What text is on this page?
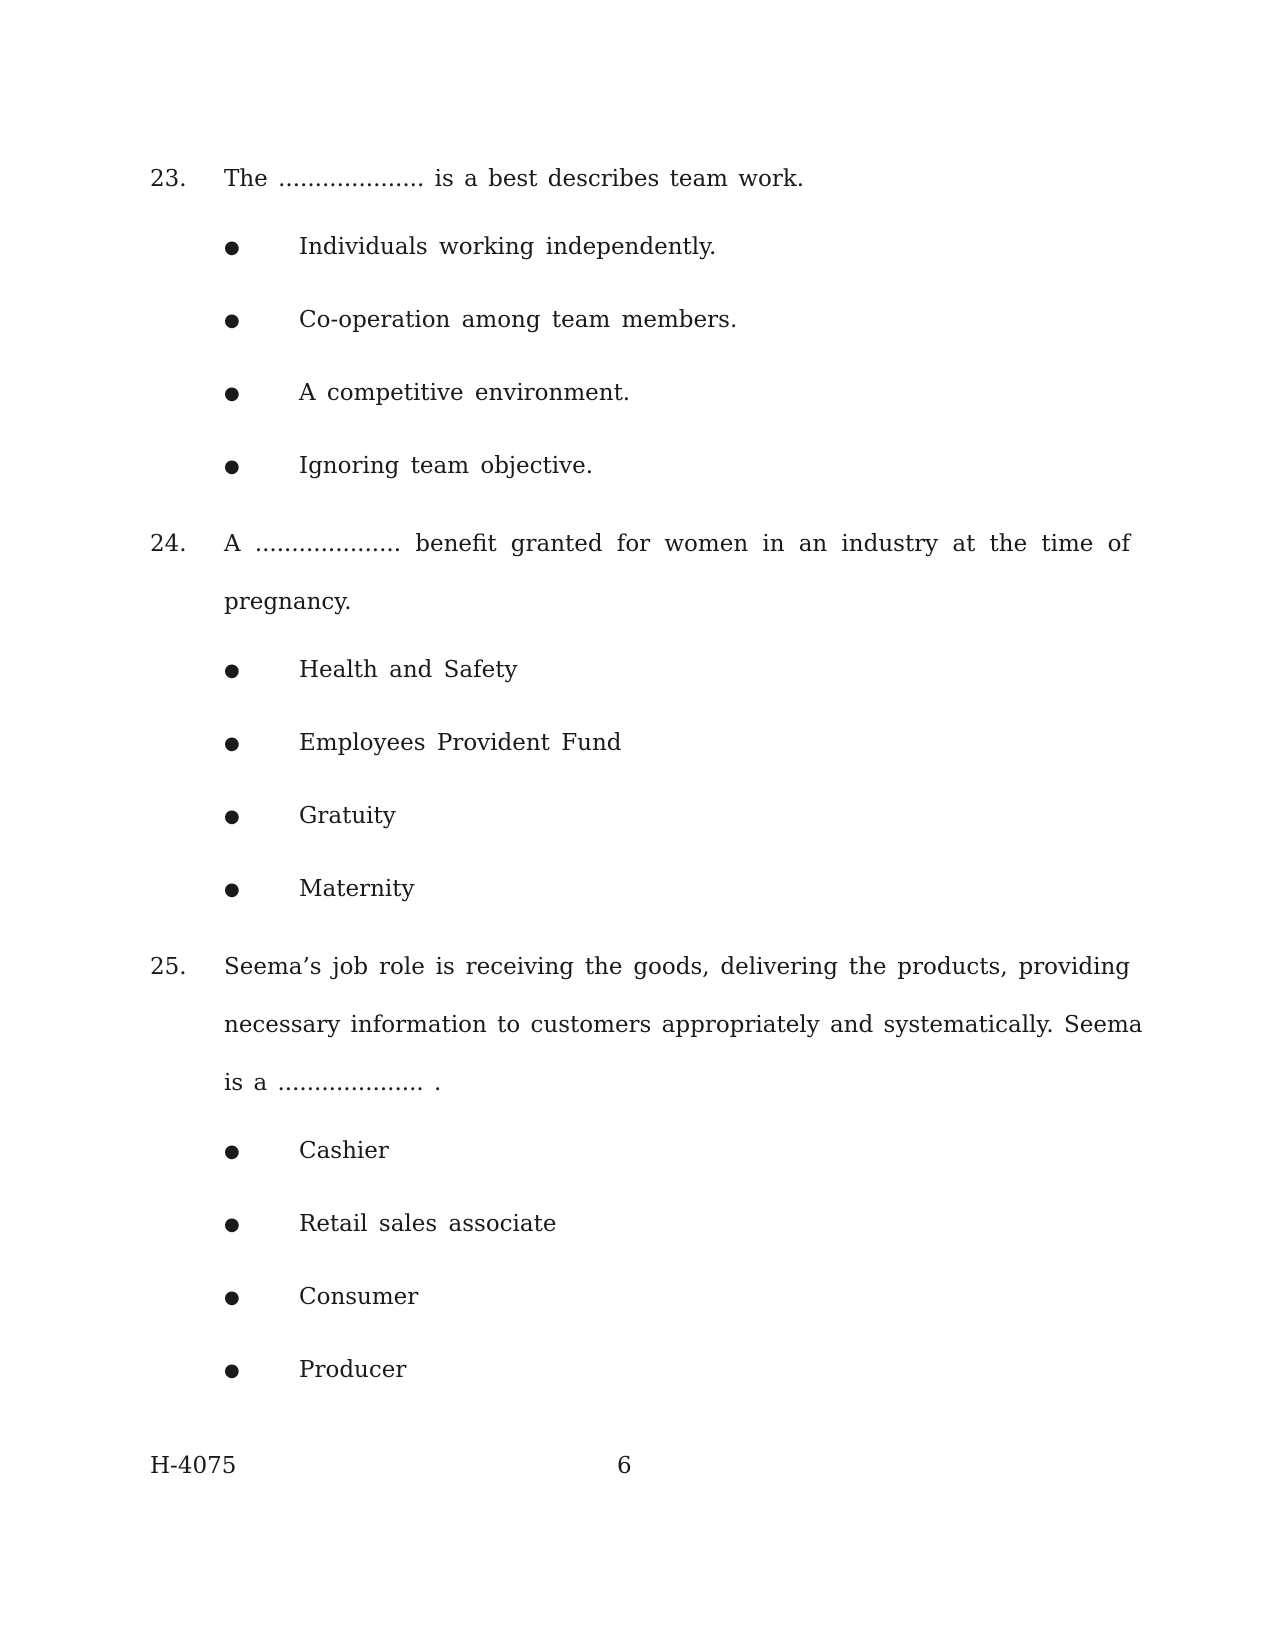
23.	The .................... is a best describes team work.
●	Individuals working independently.
●	Co-operation among team members.
●	A competitive environment.
●	Ignoring team objective.
24.	A .................... benefit granted for women in an industry at the time of
pregnancy.
●	Health and Safety
●	Employees Provident Fund
●	Gratuity
●	Maternity
25.	Seema’s job role is receiving the goods, delivering the products, providing
necessary information to customers appropriately and systematically. Seema
is a .................... .
●	Cashier
●	Retail sales associate
●	Consumer
●	Producer
H-4075	6
